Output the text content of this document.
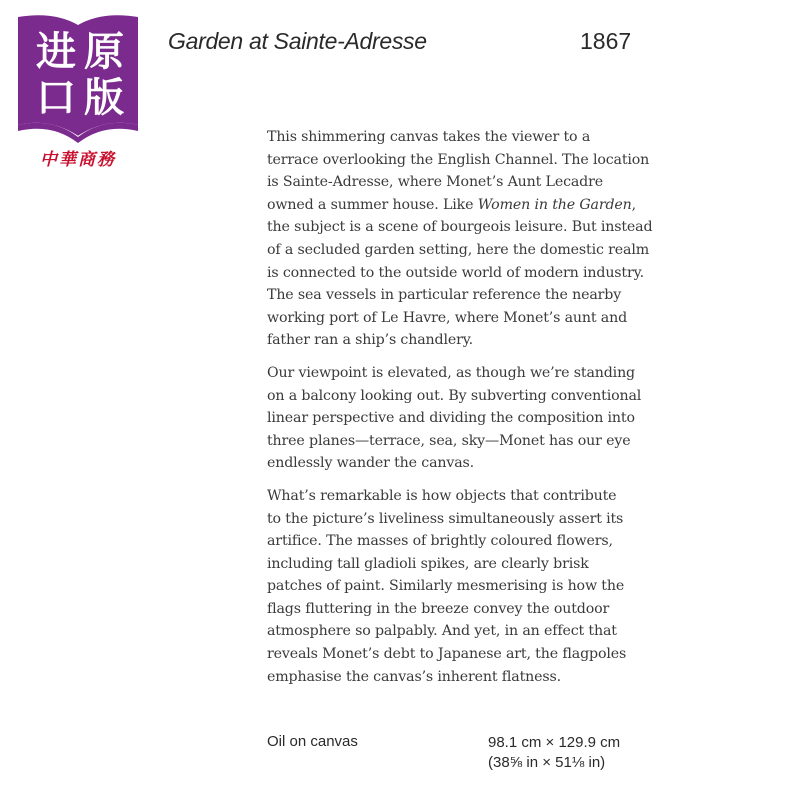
进 原
口 版
中華商務
Garden at Sainte-Adresse	1867

This shimmering canvas takes the viewer to a
terrace overlooking the English Channel. The location
is Sainte-Adresse, where Monet’s Aunt Lecadre
owned a summer house. Like Women in the Garden,
the subject is a scene of bourgeois leisure. But instead
of a secluded garden setting, here the domestic realm
is connected to the outside world of modern industry.
The sea vessels in particular reference the nearby
working port of Le Havre, where Monet’s aunt and
father ran a ship’s chandlery.

Our viewpoint is elevated, as though we’re standing
on a balcony looking out. By subverting conventional
linear perspective and dividing the composition into
three planes—terrace, sea, sky—Monet has our eye
endlessly wander the canvas.

What’s remarkable is how objects that contribute
to the picture’s liveliness simultaneously assert its
artifice. The masses of brightly coloured flowers,
including tall gladioli spikes, are clearly brisk
patches of paint. Similarly mesmerising is how the
flags fluttering in the breeze convey the outdoor
atmosphere so palpably. And yet, in an effect that
reveals Monet’s debt to Japanese art, the flagpoles
emphasise the canvas’s inherent flatness.

Oil on canvas	98.1 cm × 129.9 cm
(38⅝ in × 51⅛ in)
